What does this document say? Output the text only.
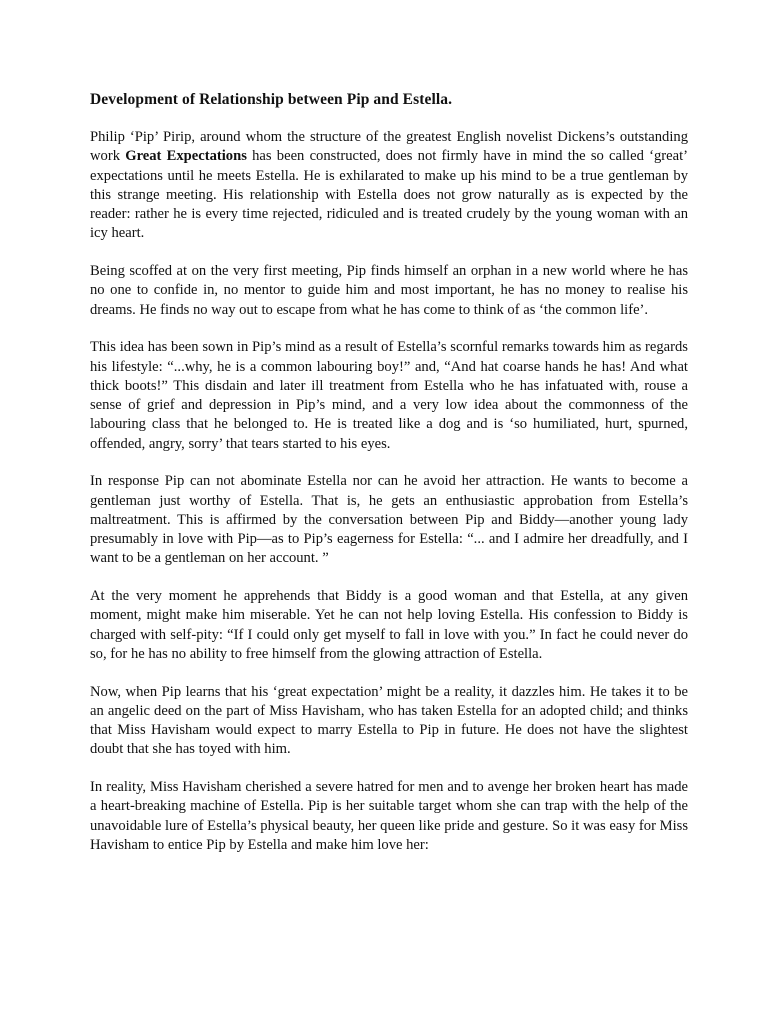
Development of Relationship between Pip and Estella.

Philip ‘Pip’ Pirip, around whom the structure of the greatest English novelist Dickens’s outstanding work Great Expectations has been constructed, does not firmly have in mind the so called ‘great’ expectations until he meets Estella. He is exhilarated to make up his mind to be a true gentleman by this strange meeting. His relationship with Estella does not grow naturally as is expected by the reader: rather he is every time rejected, ridiculed and is treated crudely by the young woman with an icy heart.

Being scoffed at on the very first meeting, Pip finds himself an orphan in a new world where he has no one to confide in, no mentor to guide him and most important, he has no money to realise his dreams. He finds no way out to escape from what he has come to think of as ‘the common life’.

This idea has been sown in Pip’s mind as a result of Estella’s scornful remarks towards him as regards his lifestyle: “...why, he is a common labouring boy!” and, “And hat coarse hands he has! And what thick boots!” This disdain and later ill treatment from Estella who he has infatuated with, rouse a sense of grief and depression in Pip’s mind, and a very low idea about the commonness of the labouring class that he belonged to. He is treated like a dog and is ‘so humiliated, hurt, spurned, offended, angry, sorry’ that tears started to his eyes.

In response Pip can not abominate Estella nor can he avoid her attraction. He wants to become a gentleman just worthy of Estella. That is, he gets an enthusiastic approbation from Estella’s maltreatment. This is affirmed by the conversation between Pip and Biddy—another young lady presumably in love with Pip—as to Pip’s eagerness for Estella: “... and I admire her dreadfully, and I want to be a gentleman on her account. ”

At the very moment he apprehends that Biddy is a good woman and that Estella, at any given moment, might make him miserable. Yet he can not help loving Estella. His confession to Biddy is charged with self-pity: “If I could only get myself to fall in love with you.” In fact he could never do so, for he has no ability to free himself from the glowing attraction of Estella.

Now, when Pip learns that his ‘great expectation’ might be a reality, it dazzles him. He takes it to be an angelic deed on the part of Miss Havisham, who has taken Estella for an adopted child; and thinks that Miss Havisham would expect to marry Estella to Pip in future. He does not have the slightest doubt that she has toyed with him.

In reality, Miss Havisham cherished a severe hatred for men and to avenge her broken heart has made a heart-breaking machine of Estella. Pip is her suitable target whom she can trap with the help of the unavoidable lure of Estella’s physical beauty, her queen like pride and gesture. So it was easy for Miss Havisham to entice Pip by Estella and make him love her:
